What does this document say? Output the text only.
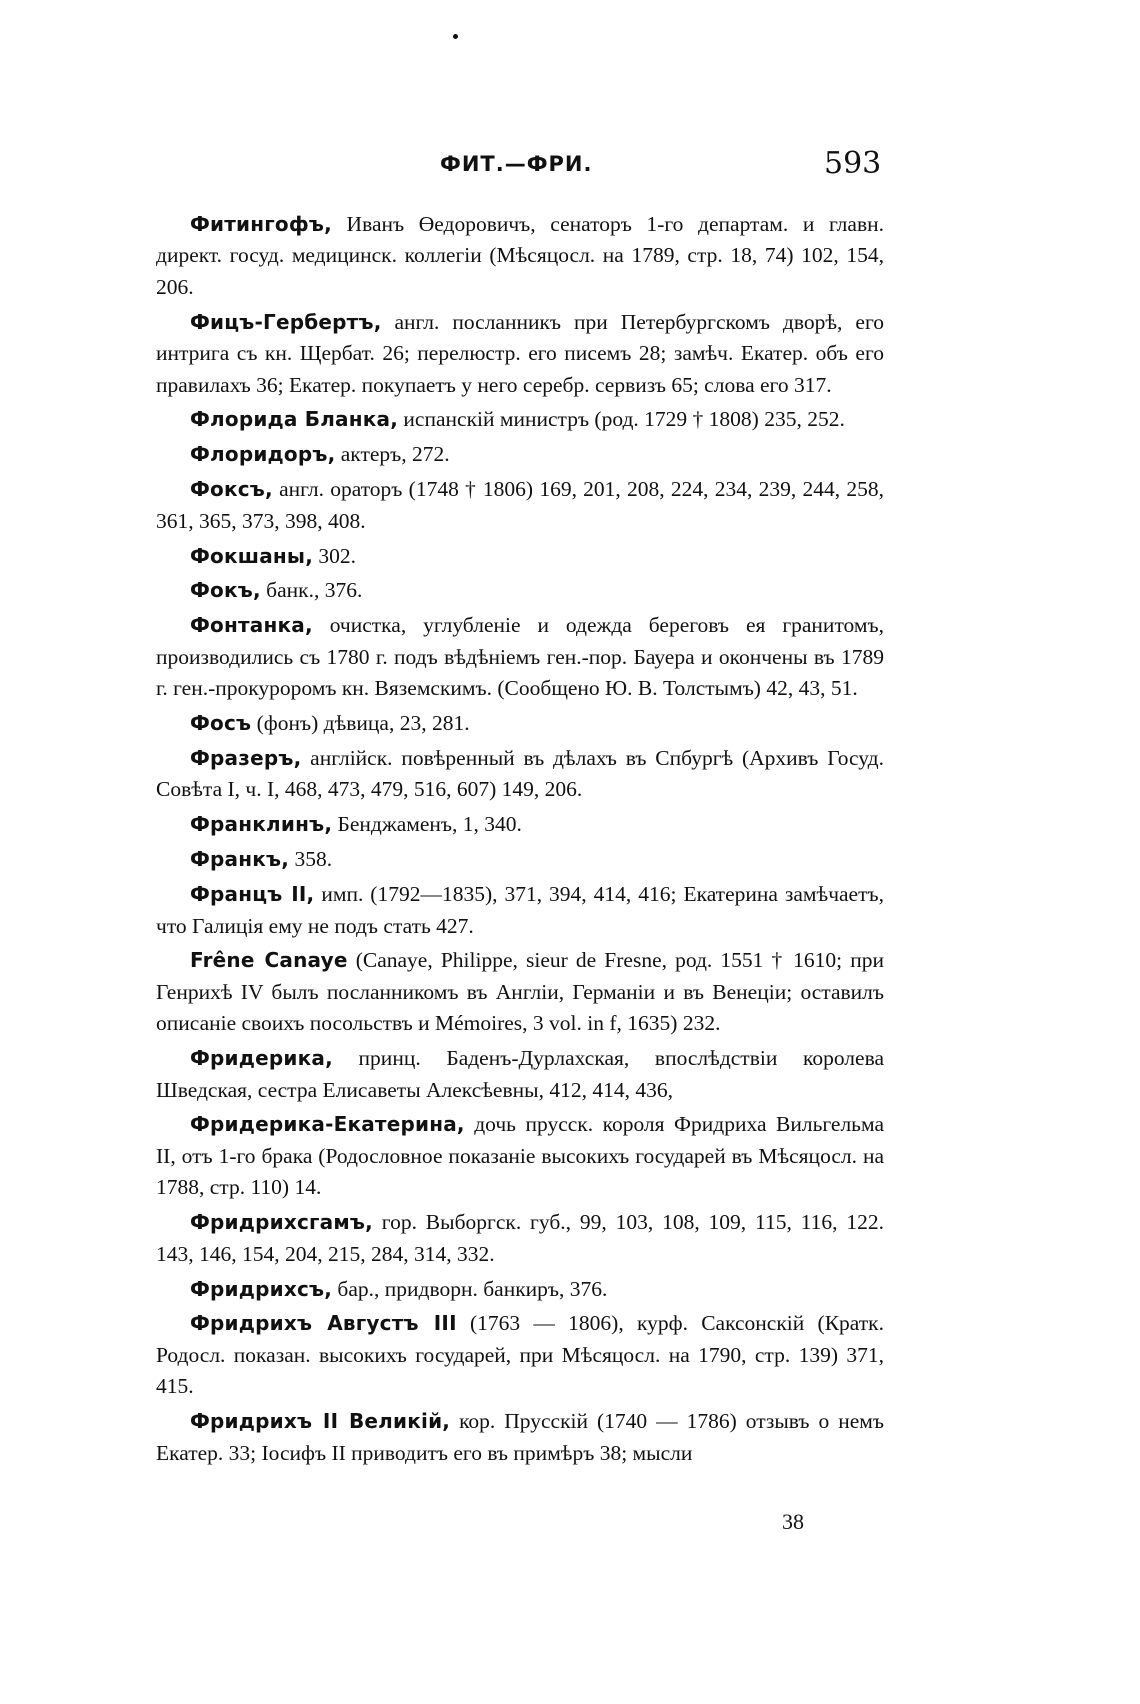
ФИТ.—ФРИ.	593

Фитингофъ, Иванъ Өедоровичъ, сенаторъ 1-го департам. и главн. директ. госуд. медицинск. коллегіи (Мѣсяцосл. на 1789, стр. 18, 74) 102, 154, 206.

Фицъ-Гербертъ, англ. посланникъ при Петербургскомъ дворѣ, его интрига съ кн. Щербат. 26; перелюстр. его писемъ 28; замѣч. Екатер. объ его правилахъ 36; Екатер. покупаетъ у него серебр. сервизъ 65; слова его 317.

Флорида Бланка, испанскій министръ (род. 1729 † 1808) 235, 252.

Флоридоръ, актеръ, 272.

Фоксъ, англ. ораторъ (1748 † 1806) 169, 201, 208, 224, 234, 239, 244, 258, 361, 365, 373, 398, 408.

Фокшаны, 302.

Фокъ, банк., 376.

Фонтанка, очистка, углубленіе и одежда береговъ ея гранитомъ, производились съ 1780 г. подъ вѣдѣніемъ ген.-пор. Бауера и окончены въ 1789 г. ген.-прокуроромъ кн. Вяземскимъ. (Сообщено Ю. В. Толстымъ) 42, 43, 51.

Фосъ (фонъ) дѣвица, 23, 281.

Фразеръ, англійск. повѣренный въ дѣлахъ въ Спбургѣ (Архивъ Госуд. Совѣта I, ч. I, 468, 473, 479, 516, 607) 149, 206.

Франклинъ, Бенджаменъ, 1, 340.

Франкъ, 358.

Францъ II, имп. (1792—1835), 371, 394, 414, 416; Екатерина замѣчаетъ, что Галиція ему не подъ стать 427.

Frêne Canaye (Canaye, Philippe, sieur de Fresne, род. 1551 † 1610; при Генрихѣ IV былъ посланникомъ въ Англіи, Германіи и въ Венеціи; оставилъ описаніе своихъ посольствъ и Mémoires, 3 vol. in f, 1635) 232.

Фридерика, принц. Баденъ-Дурлахская, впослѣдствіи королева Шведская, сестра Елисаветы Алексѣевны, 412, 414, 436,

Фридерика-Екатерина, дочь прусск. короля Фридриха Вильгельма II, отъ 1-го брака (Родословное показаніе высокихъ государей въ Мѣсяцосл. на 1788, стр. 110) 14.

Фридрихсгамъ, гор. Выборгск. губ., 99, 103, 108, 109, 115, 116, 122. 143, 146, 154, 204, 215, 284, 314, 332.

Фридрихсъ, бар., придворн. банкиръ, 376.

Фридрихъ Августъ III (1763 — 1806), курф. Саксонскій (Кратк. Родосл. показан. высокихъ государей, при Мѣсяцосл. на 1790, стр. 139) 371, 415.

Фридрихъ II Великій, кор. Прусскій (1740 — 1786) отзывъ о немъ Екатер. 33; Іосифъ II приводитъ его въ примѣръ 38; мысли

38
